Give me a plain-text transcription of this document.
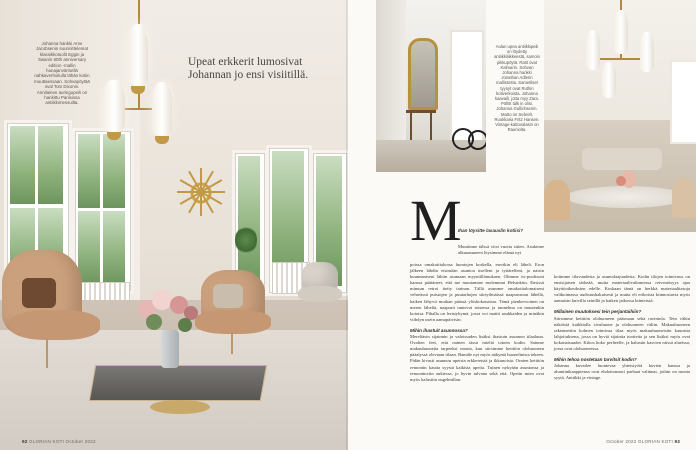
Johanna hankki Arne Jacobsenin suunnittelemat klassikkotuolit Eggin ja Swanin 60th anniversary edition -mallin hunajanvärisellä nahkaverhoilulla lähän kotiin muuttaessaan. Sohvapöytää oval Tom Dixonin. Annilainen auringopeili on hankittu Pariisissa antiikkimessuilta.
Upeat erkkerit lumosivat Johannan jo ensi visiitillä.
92 GLORIAN KOTI October 2022
Aulan upea antiikkipeili on löydetty antiikkiliikkeestä, samoin pikkupöytä. Ratit ovat Kalmarin. Sohvan Johanna hankki Jonathan Adlerin mallistosta. Sametilset tyynyt ovat Ruthin kotiverkoista. Johanna kaavaili, jotta myy Zara. Pöllöt talk in olisi. Johanna Gullichsenin. Matto on Sebrelt. Ruokkaria Fritz Hansen. Vintage-kattovalasin on Rauniolta.
M
Ihan löysitte lasauslin kotiisi?
Muuttinne tälssä viisi vuotta sitten. Asukinne alkuaasuneen löysimme elämä nyt
poissa omakotitaloosa luontojen koskella, esertkin eli läheli. Eron jälkeen lähdin etsimään asuntoa itselleni ja tyttärelleni, ja naisin kuunnaniseni lähtin asumaan myyntillämukaen. Olimme ex-puolisoni kanssa päätäneet, että me muutamme molemmat Helsinkiin. Ensissä minuun retroi tietty tarinan. Tällä asumme omakotitalomaiseni vehreässä puistojen ja puutarhojen siirtyilmäissä naapuruston lähellä, kaiken lähyvit mutkan päässä ylöskokonaista. Tämä pienkervoinen on meren läheltä, naapurit tuntevat toisensa ja tunnelma on muutenkin kotoisa. Pihalla on leristyhymä, jossa voi matiti asukkaiden ja minäkin viihdyn usein aamupäivisin.
Mihin ihastuit asunnossa?
Mereltäsin sijainnin ja valoissaden lisäksi ihastuin asunnon tilaaluun. Ovalien feet, että nainen tässä mieltä toinen kodin. Sainme makuuhuoneita tarpeeksi monia, kun siirsimme keittiön olohuoneen pääalyssä oleviaan tilaan. Bantäle nyt myös näkymä huonelinista tekeen. Pidän kivasti asunnon upeista erkkereistä ja ikkunoista. Ornien keittiön remontin kautta syystä kaikista upeita. Tuinen nykyään asuntonsa ja remontinviin aukiessa, jo hyvin tulvana sekä että. Opetin mien ovat myös kalustiin ongelmillan.
kotimme tilavuudesta ja asuntolaajuudesta. Kodin tilojen toimivuus on ensisijaisen tärkeää, mutta materiaalivalinnoissa reivenöisyys ajaa käyttöoikeuksien edelle. Koskaan tämä on herkkä materiaalitasoja valikoimassa uudistushakuisesti ja mutta eli erikoisia kiinnostavia myös aamuisin kuivilla seinillä ja kaiken jatkossa kiinteissä.
Millainen muutoksesi tein perjantaihiin?
Siirsimme keittiön olohuoneen pääosaan sekä ravintola. Tein vähin näköisiä kaikkialla sivuhuone ja olohuoneen väliin. Makuuhuoneen rakennettiin kolmen toimivaa tilaa myös makuuhuoneisiin kaunista lahjoituksena, jossa on hyviä sijaintia tuotteita ja sen lisäksi myös ovat kokonaisuudet. Kiitos koko perheelle, ja kalustin kasvien niissä alueissa, jossa ovat olohuoneessa.
Mihin tehoa nostetaan tarvitsit kodin?
Johanna kuvailee luontevaa yhteistyötä kuvien kanssa ja alumiinikaappiensa ovat ehdottomasti parhaat valinnat, joihin on monta syytä. Antiikki ja vintage.
October 2022 GLORIAN KOTI 93
